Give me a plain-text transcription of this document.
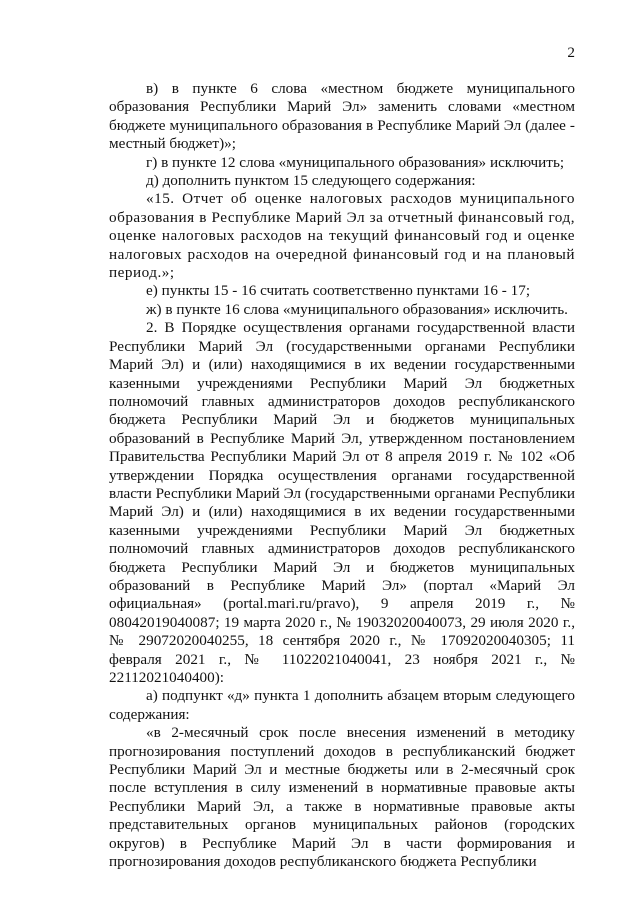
2

в) в пункте 6 слова «местном бюджете муниципального образования Республики Марий Эл» заменить словами «местном бюджете муниципального образования в Республике Марий Эл (далее - местный бюджет)»;

г) в пункте 12 слова «муниципального образования» исключить;

д) дополнить пунктом 15 следующего содержания:

«15. Отчет об оценке налоговых расходов муниципального образования в Республике Марий Эл за отчетный финансовый год, оценке налоговых расходов на текущий финансовый год и оценке налоговых расходов на очередной финансовый год и на плановый период.»;

е) пункты 15 - 16 считать соответственно пунктами 16 - 17;

ж) в пункте 16 слова «муниципального образования» исключить.

2. В Порядке осуществления органами государственной власти Республики Марий Эл (государственными органами Республики Марий Эл) и (или) находящимися в их ведении государственными казенными учреждениями Республики Марий Эл бюджетных полномочий главных администраторов доходов республиканского бюджета Республики Марий Эл и бюджетов муниципальных образований в Республике Марий Эл, утвержденном постановлением Правительства Республики Марий Эл от 8 апреля 2019 г. № 102 «Об утверждении Порядка осуществления органами государственной власти Республики Марий Эл (государственными органами Республики Марий Эл) и (или) находящимися в их ведении государственными казенными учреждениями Республики Марий Эл бюджетных полномочий главных администраторов доходов республиканского бюджета Республики Марий Эл и бюджетов муниципальных образований в Республике Марий Эл» (портал «Марий Эл официальная» (portal.mari.ru/pravo), 9 апреля 2019 г., № 08042019040087; 19 марта 2020 г., № 19032020040073, 29 июля 2020 г., № 29072020040255, 18 сентября 2020 г., № 17092020040305; 11 февраля 2021 г., № 11022021040041, 23 ноября 2021 г., № 22112021040400):

а) подпункт «д» пункта 1 дополнить абзацем вторым следующего содержания:

«в 2-месячный срок после внесения изменений в методику прогнозирования поступлений доходов в республиканский бюджет Республики Марий Эл и местные бюджеты или в 2-месячный срок после вступления в силу изменений в нормативные правовые акты Республики Марий Эл, а также в нормативные правовые акты представительных органов муниципальных районов (городских округов) в Республике Марий Эл в части формирования и прогнозирования доходов республиканского бюджета Республики
